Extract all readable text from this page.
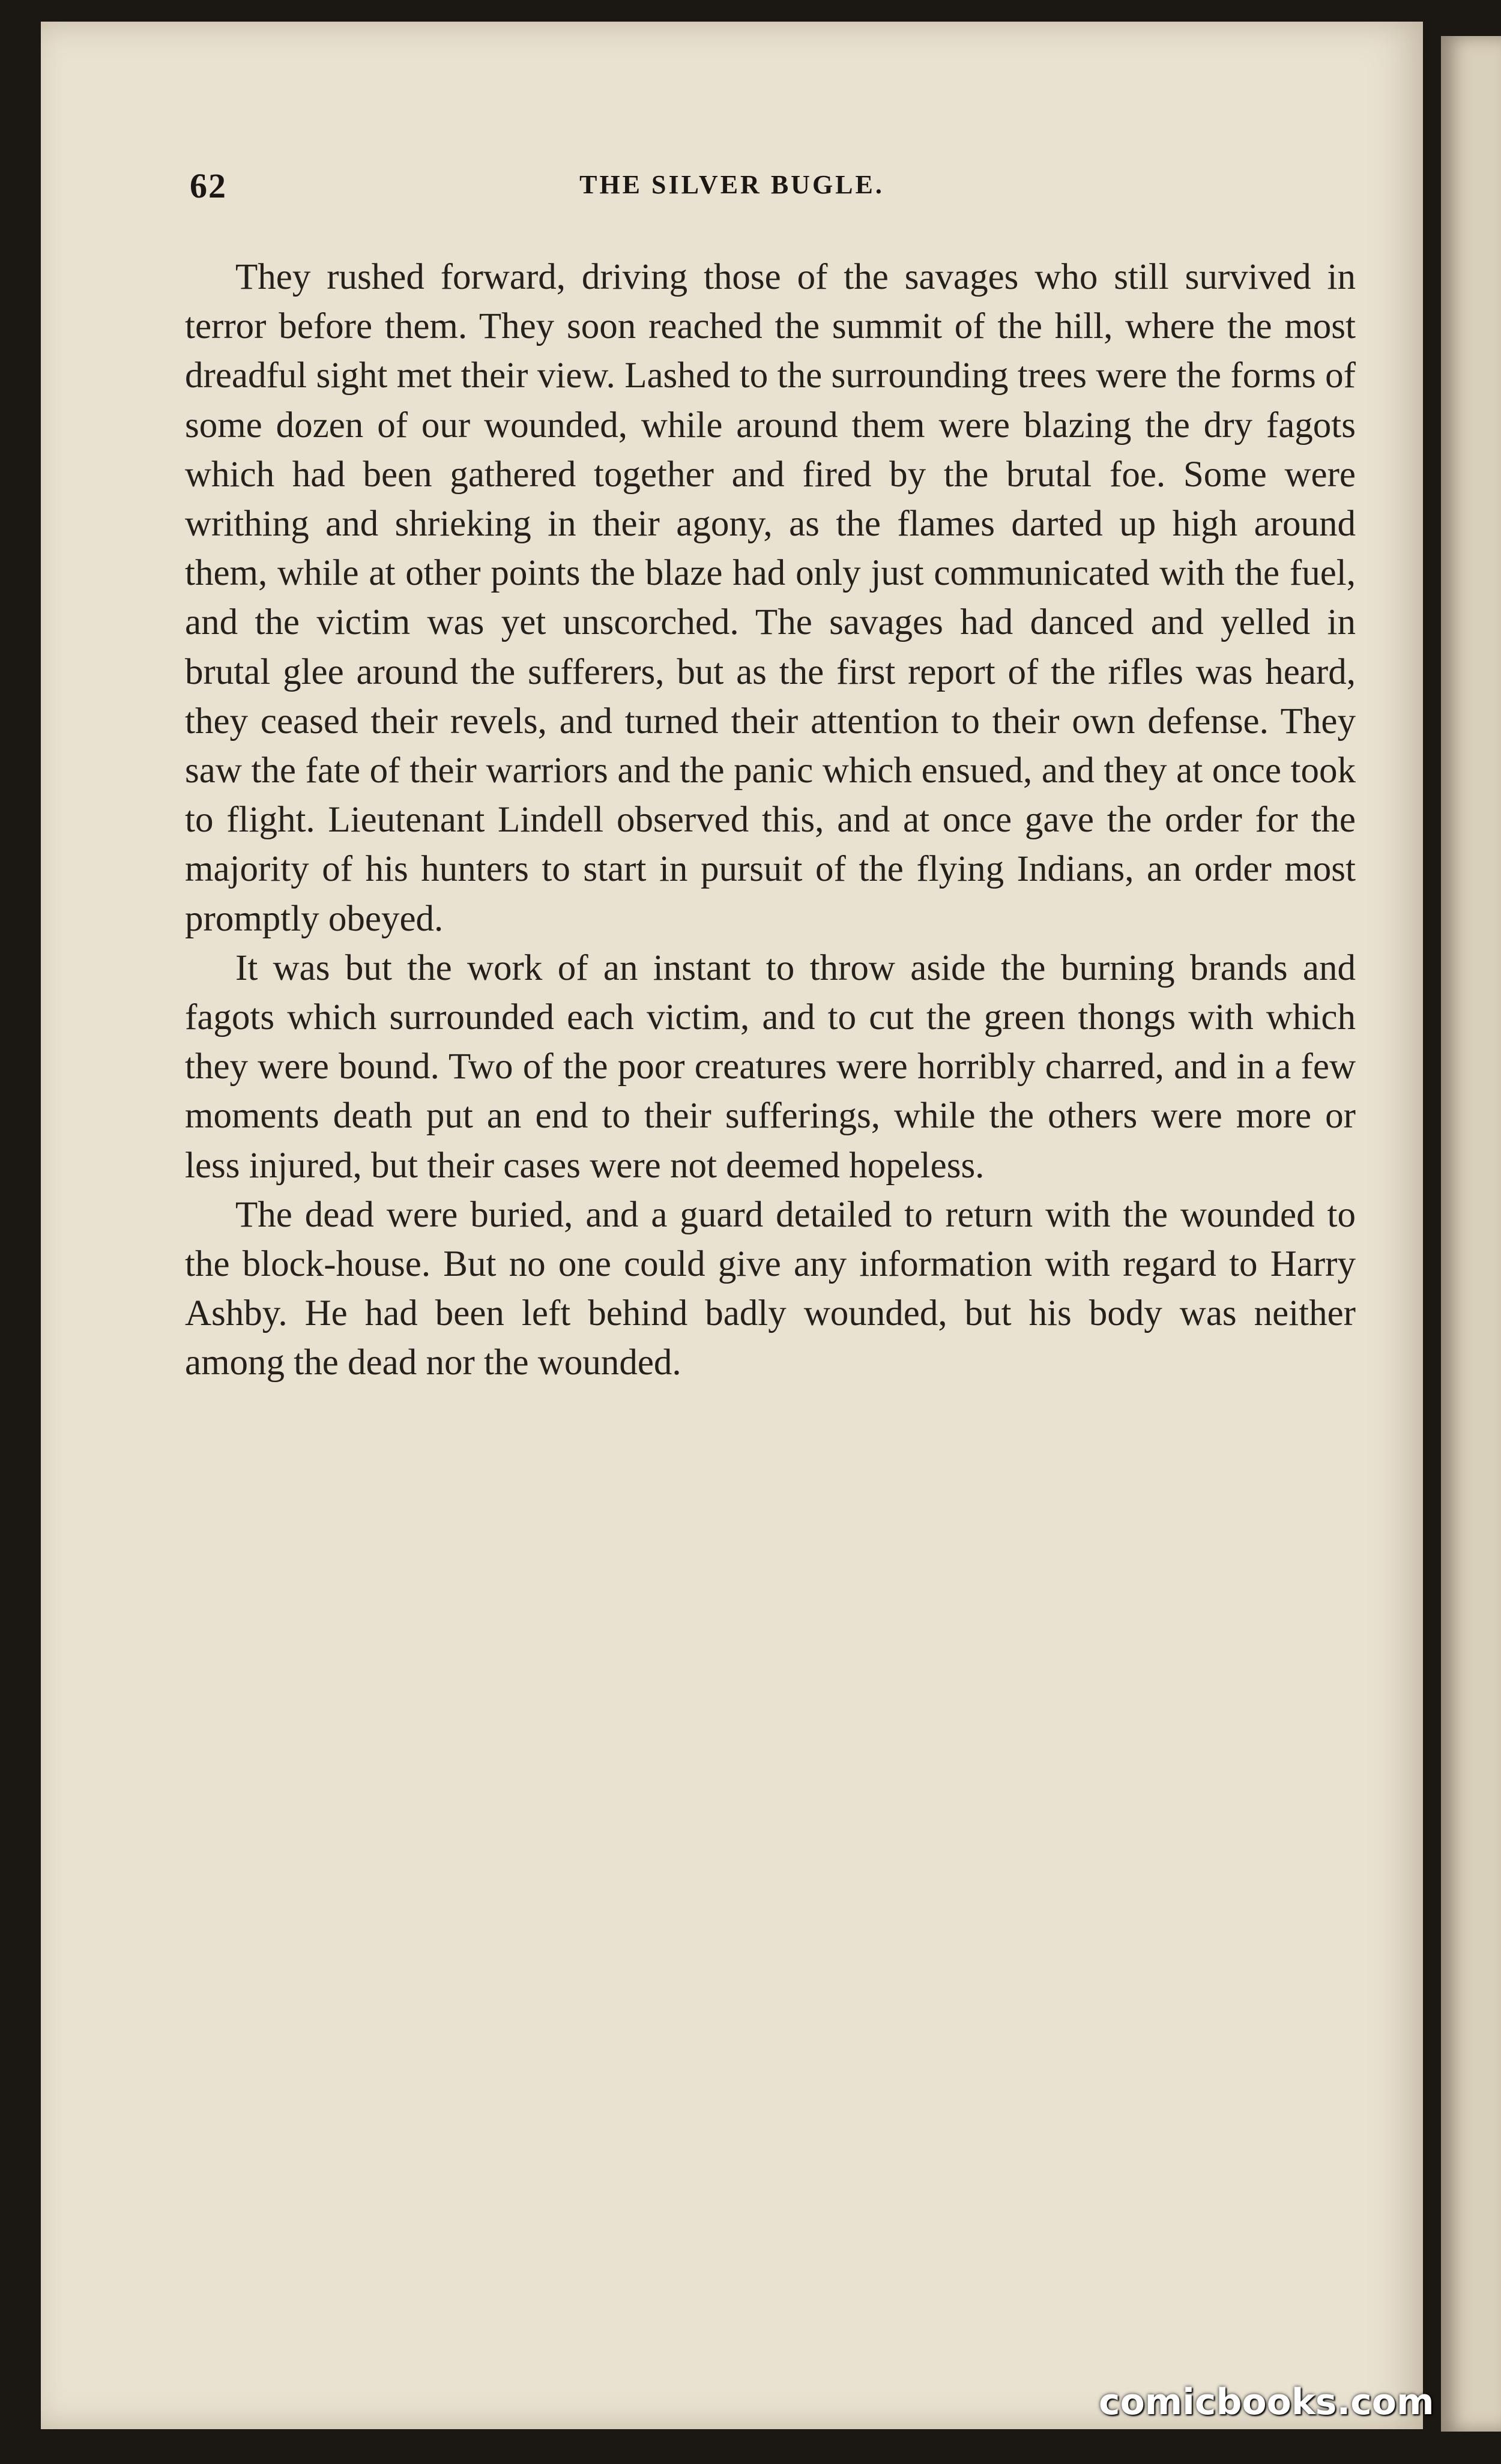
62	THE SILVER BUGLE.

They rushed forward, driving those of the savages who still survived in terror before them. They soon reached the summit of the hill, where the most dreadful sight met their view. Lashed to the surrounding trees were the forms of some dozen of our wounded, while around them were blazing the dry fagots which had been gathered together and fired by the brutal foe. Some were writhing and shrieking in their agony, as the flames darted up high around them, while at other points the blaze had only just communicated with the fuel, and the victim was yet unscorched. The savages had danced and yelled in brutal glee around the sufferers, but as the first report of the rifles was heard, they ceased their revels, and turned their attention to their own defense. They saw the fate of their warriors and the panic which ensued, and they at once took to flight. Lieutenant Lindell observed this, and at once gave the order for the majority of his hunters to start in pursuit of the flying Indians, an order most promptly obeyed.

It was but the work of an instant to throw aside the burning brands and fagots which surrounded each victim, and to cut the green thongs with which they were bound. Two of the poor creatures were horribly charred, and in a few moments death put an end to their sufferings, while the others were more or less injured, but their cases were not deemed hopeless.

The dead were buried, and a guard detailed to return with the wounded to the block-house. But no one could give any information with regard to Harry Ashby. He had been left behind badly wounded, but his body was neither among the dead nor the wounded.

comicbooks.com
